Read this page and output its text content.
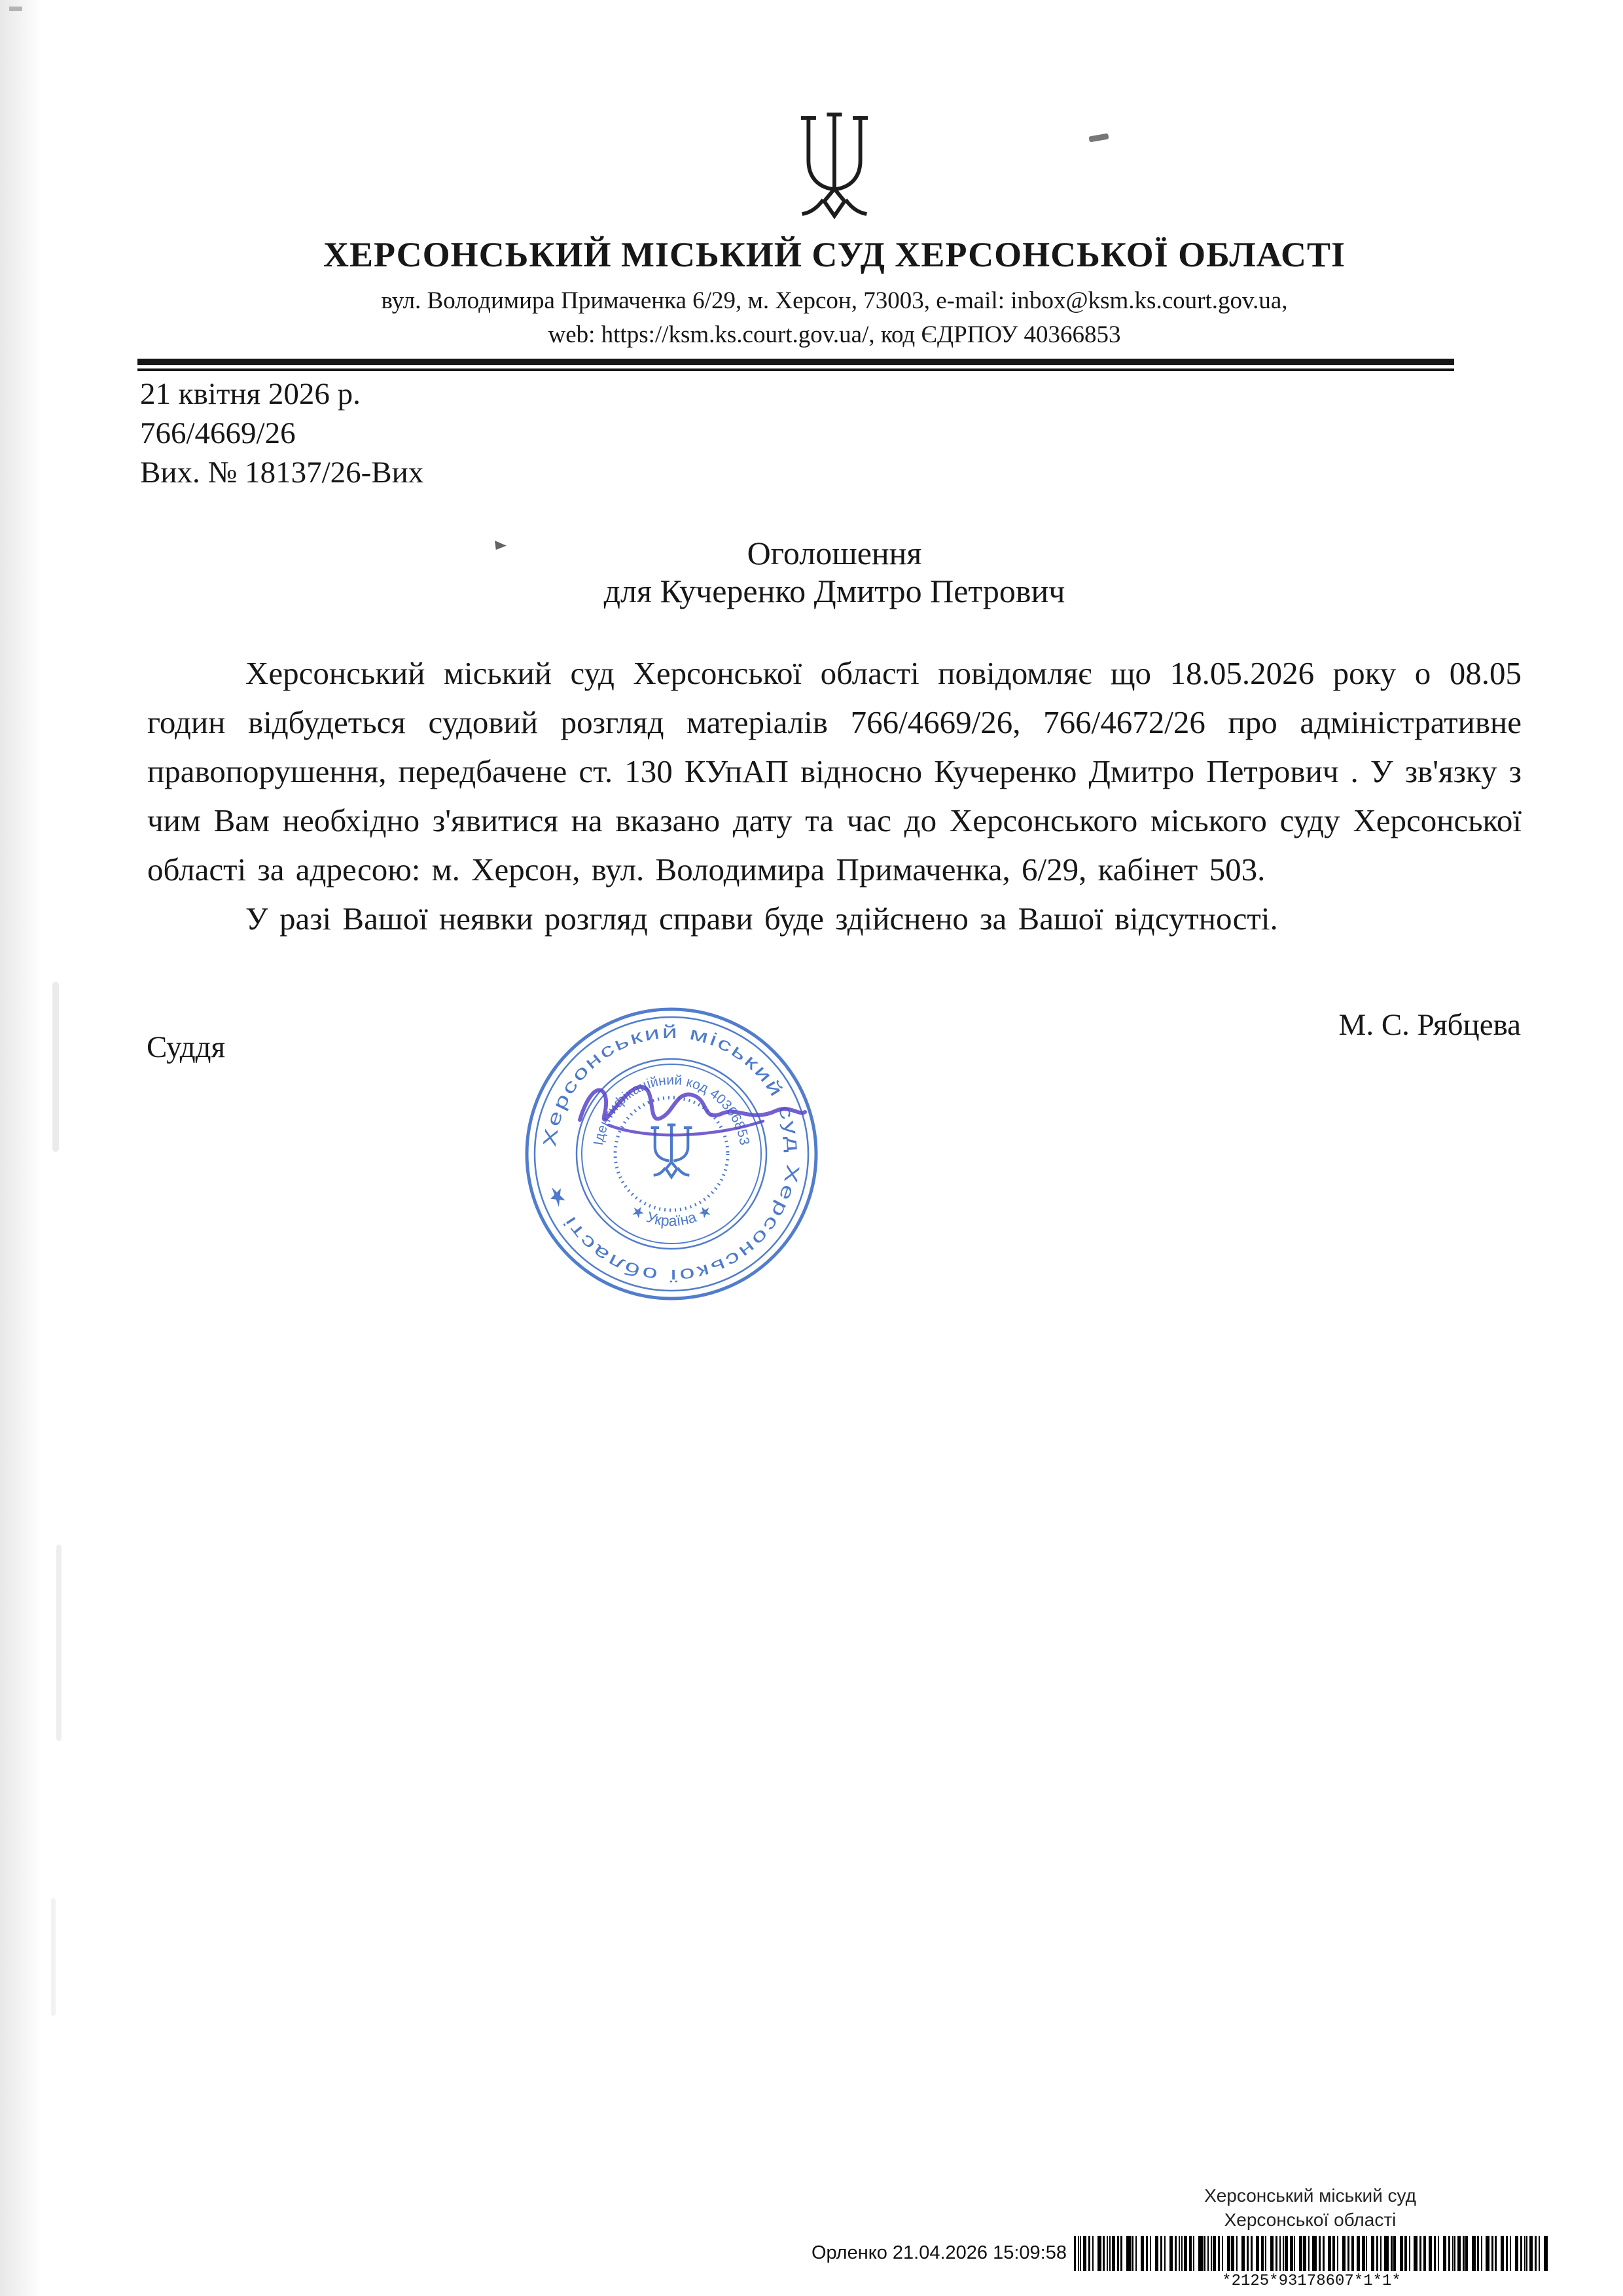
ХЕРСОНСЬКИЙ МІСЬКИЙ СУД ХЕРСОНСЬКОЇ ОБЛАСТІ
вул. Володимира Примаченка 6/29, м. Херсон, 73003, e-mail: inbox@ksm.ks.court.gov.ua,
web: https://ksm.ks.court.gov.ua/, код ЄДРПОУ 40366853
21 квітня 2026 р.
766/4669/26
Вих. № 18137/26-Вих
Оголошення
для Кучеренко Дмитро Петрович

Херсонський міський суд Херсонської області повідомляє що 18.05.2026 року о 08.05 годин відбудеться судовий розгляд матеріалів 766/4669/26, 766/4672/26 про адміністративне правопорушення, передбачене ст. 130 КУпАП відносно Кучеренко Дмитро Петрович . У зв'язку з чим Вам необхідно з'явитися на вказано дату та час до Херсонського міського суду Херсонської області за адресою: м. Херсон, вул. Володимира Примаченка, 6/29, кабінет 503.

У разі Вашої неявки розгляд справи буде здійснено за Вашої відсутності.

М. С. Рябцева
Суддя
Херсонський міський суд Херсонської області ★
Ідентифікаційний код 40366853
★ Україна ★
Херсонський міський суд
Херсонської області
Орленко 21.04.2026 15:09:58
*2125*93178607*1*1*
